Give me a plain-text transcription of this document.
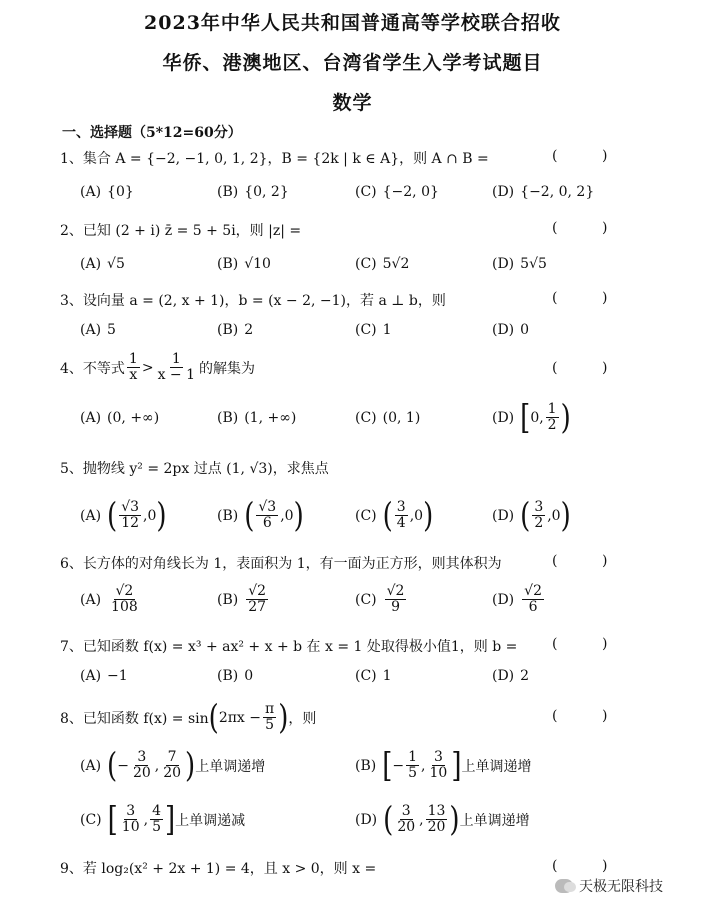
2023年中华人民共和国普通高等学校联合招收
华侨、港澳地区、台湾省学生入学考试题目
数学
一、选择题（5*12=60分）
1、集合 A = {−2, −1, 0, 1, 2}，B = {2k | k ∈ A}，则 A ∩ B =	(          )
(A) {0}	(B) {0, 2}	(C) {−2, 0}	(D) {−2, 0, 2}
2、已知 (2 + i) z̄ = 5 + 5i，则 |z| =	(          )
(A) √5	(B) √10	(C) 5√2	(D) 5√5
3、设向量 a = (2, x + 1)，b = (x − 2, −1)，若 a ⊥ b，则	(          )
(A) 5	(B) 2	(C) 1	(D) 0
4、不等式 $\frac{1}{x} > \frac{1}{x - 1}$ 的解集为	(          )
(A) (0, +∞)	(B) (1, +∞)	(C) (0, 1)	(D) [ 0, $\frac{1}{2}$ )
5、抛物线 y² = 2px 过点 (1, √3)，求焦点
(A) ( $\frac{√3}{12} ,0$ )	(B) ( $\frac{√3}{6} ,0$ )	(C) ( $\frac{3}{4} ,0$ )	(D) ( $\frac{3}{2} ,0$ )
6、长方体的对角线长为 1，表面积为 1，有一面为正方形，则其体积为	(          )
$(A) \frac{√2}{108}$	$(B) \frac{√2}{27}$	$(C) \frac{√2}{9}$	$(D) \frac{√2}{6}$
7、已知函数 f(x) = x³ + ax² + x + b 在 x = 1 处取得极小值1，则 b = (          )
(A) −1	(B) 0	(C) 1	(D) 2
8、已知函数 f(x) = sin ( $2\pi x - \frac{\pi}{5}$ ) ，则	(          )
(A) ( − $\frac{3}{20}$ , $\frac{7}{20}$ ) 上单调递增	(B) [ − $\frac{1}{5}$ , $\frac{3}{10}$ ] 上单调递增
(C) [ $\frac{3}{10}$ , $\frac{4}{5}$ ] 上单调递减	(D) ( $\frac{3}{20}$ , $\frac{13}{20}$ ) 上单调递增
9、若 log₂(x² + 2x + 1) = 4，且 x > 0，则 x =	(          )
天极无限科技
